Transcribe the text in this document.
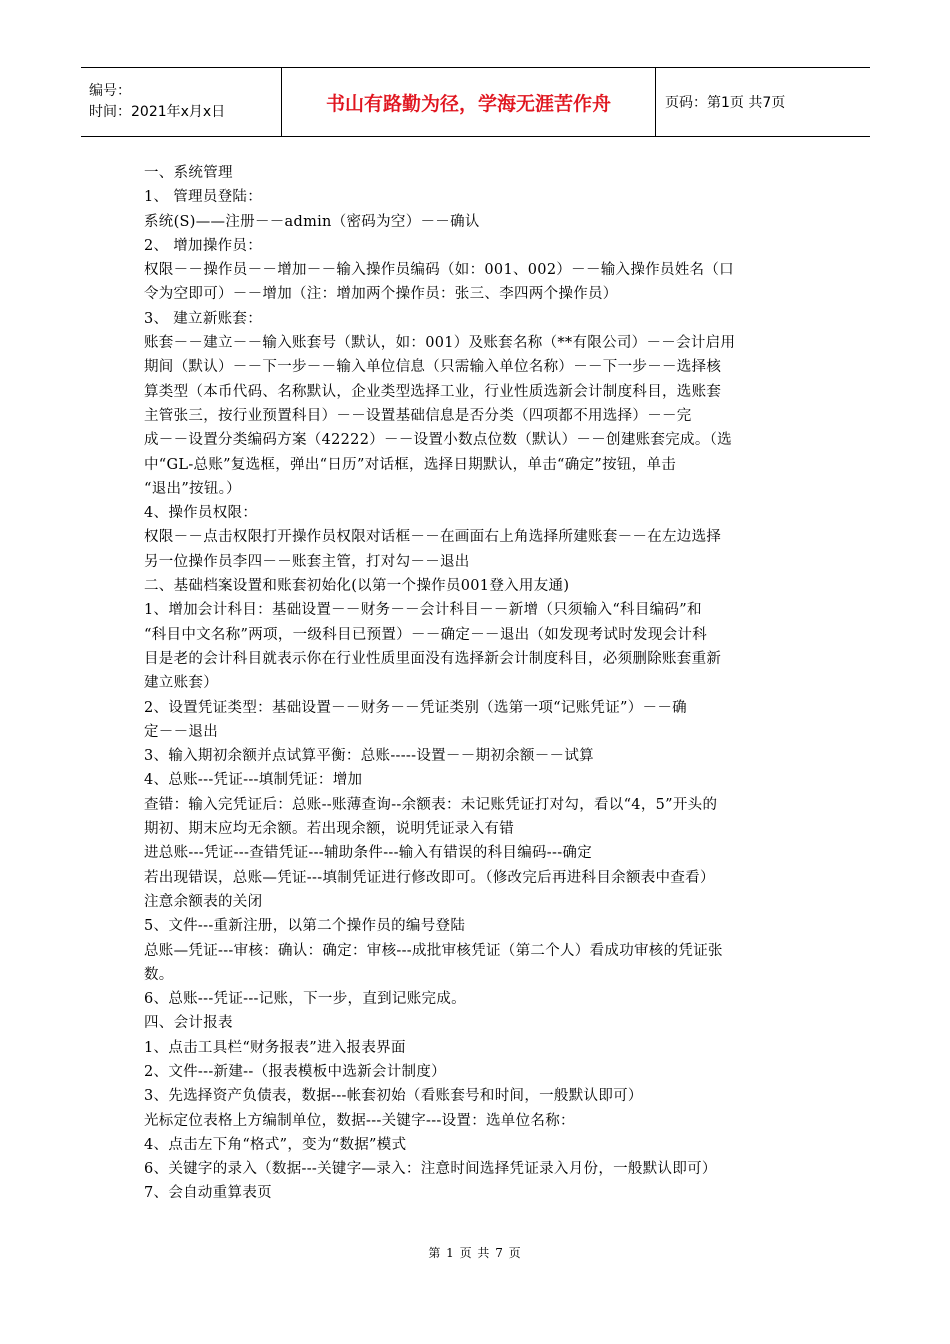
编号：
时间：2021年x月x日	书山有路勤为径，学海无涯苦作舟	页码：第1页 共7页
一、系统管理
1、 管理员登陆：
系统(S)——注册－－admin（密码为空）－－确认
2、 增加操作员：
权限－－操作员－－增加－－输入操作员编码（如：001、002）－－输入操作员姓名（口
令为空即可）－－增加（注：增加两个操作员：张三、李四两个操作员）
3、 建立新账套：
账套－－建立－－输入账套号（默认，如：001）及账套名称（**有限公司）－－会计启用
期间（默认）－－下一步－－输入单位信息（只需输入单位名称）－－下一步－－选择核
算类型（本币代码、名称默认，企业类型选择工业，行业性质选新会计制度科目，选账套
主管张三，按行业预置科目）－－设置基础信息是否分类（四项都不用选择）－－完
成－－设置分类编码方案（42222）－－设置小数点位数（默认）－－创建账套完成。（选
中“GL-总账”复选框，弹出“日历”对话框，选择日期默认，单击“确定”按钮，单击
“退出”按钮。）
4、操作员权限：
权限－－点击权限打开操作员权限对话框－－在画面右上角选择所建账套－－在左边选择
另一位操作员李四－－账套主管，打对勾－－退出
二、基础档案设置和账套初始化(以第一个操作员001登入用友通)
1、增加会计科目：基础设置－－财务－－会计科目－－新增（只须输入“科目编码”和
“科目中文名称”两项，一级科目已预置）－－确定－－退出（如发现考试时发现会计科
目是老的会计科目就表示你在行业性质里面没有选择新会计制度科目，必须删除账套重新
建立账套）
2、设置凭证类型：基础设置－－财务－－凭证类别（选第一项“记账凭证”）－－确
定－－退出
3、输入期初余额并点试算平衡：总账-----设置－－期初余额－－试算
4、总账---凭证---填制凭证：增加
查错：输入完凭证后：总账--账薄查询--余额表：未记账凭证打对勾，看以“4，5”开头的
期初、期末应均无余额。若出现余额，说明凭证录入有错
进总账---凭证---查错凭证---辅助条件---输入有错误的科目编码---确定
若出现错误，总账—凭证---填制凭证进行修改即可。（修改完后再进科目余额表中查看）
注意余额表的关闭
5、文件---重新注册，以第二个操作员的编号登陆
总账—凭证---审核：确认：确定：审核---成批审核凭证（第二个人）看成功审核的凭证张
数。
6、总账---凭证---记账，下一步，直到记账完成。
四、会计报表
1、点击工具栏“财务报表”进入报表界面
2、文件---新建--（报表模板中选新会计制度）
3、先选择资产负债表，数据---帐套初始（看账套号和时间，一般默认即可）
光标定位表格上方编制单位，数据---关键字---设置：选单位名称：
4、点击左下角“格式”，变为“数据”模式
6、关键字的录入（数据---关键字—录入：注意时间选择凭证录入月份，一般默认即可）
7、会自动重算表页
第 1 页 共 7 页
